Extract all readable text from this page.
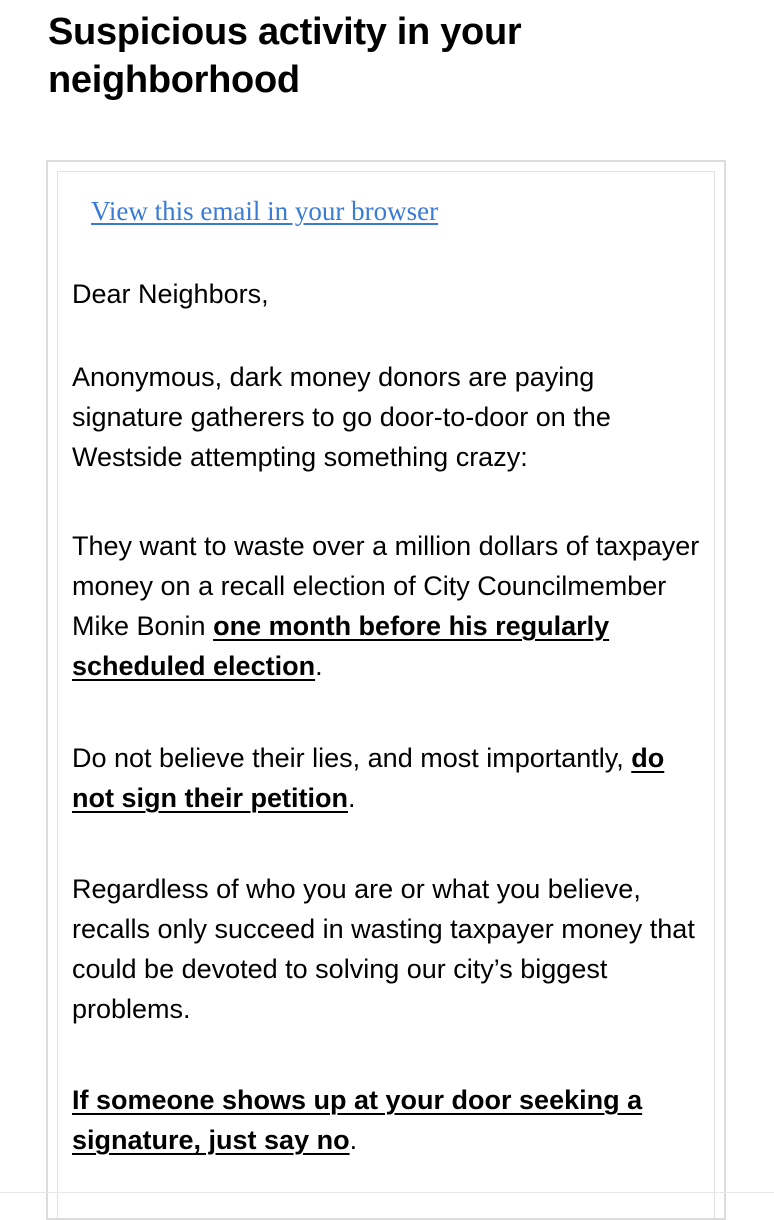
Suspicious activity in your neighborhood
View this email in your browser

Dear Neighbors,

Anonymous, dark money donors are paying signature gatherers to go door-to-door on the Westside attempting something crazy:

They want to waste over a million dollars of taxpayer money on a recall election of City Councilmember Mike Bonin one month before his regularly scheduled election.

Do not believe their lies, and most importantly, do not sign their petition.

Regardless of who you are or what you believe, recalls only succeed in wasting taxpayer money that could be devoted to solving our city’s biggest problems.

If someone shows up at your door seeking a signature, just say no.
